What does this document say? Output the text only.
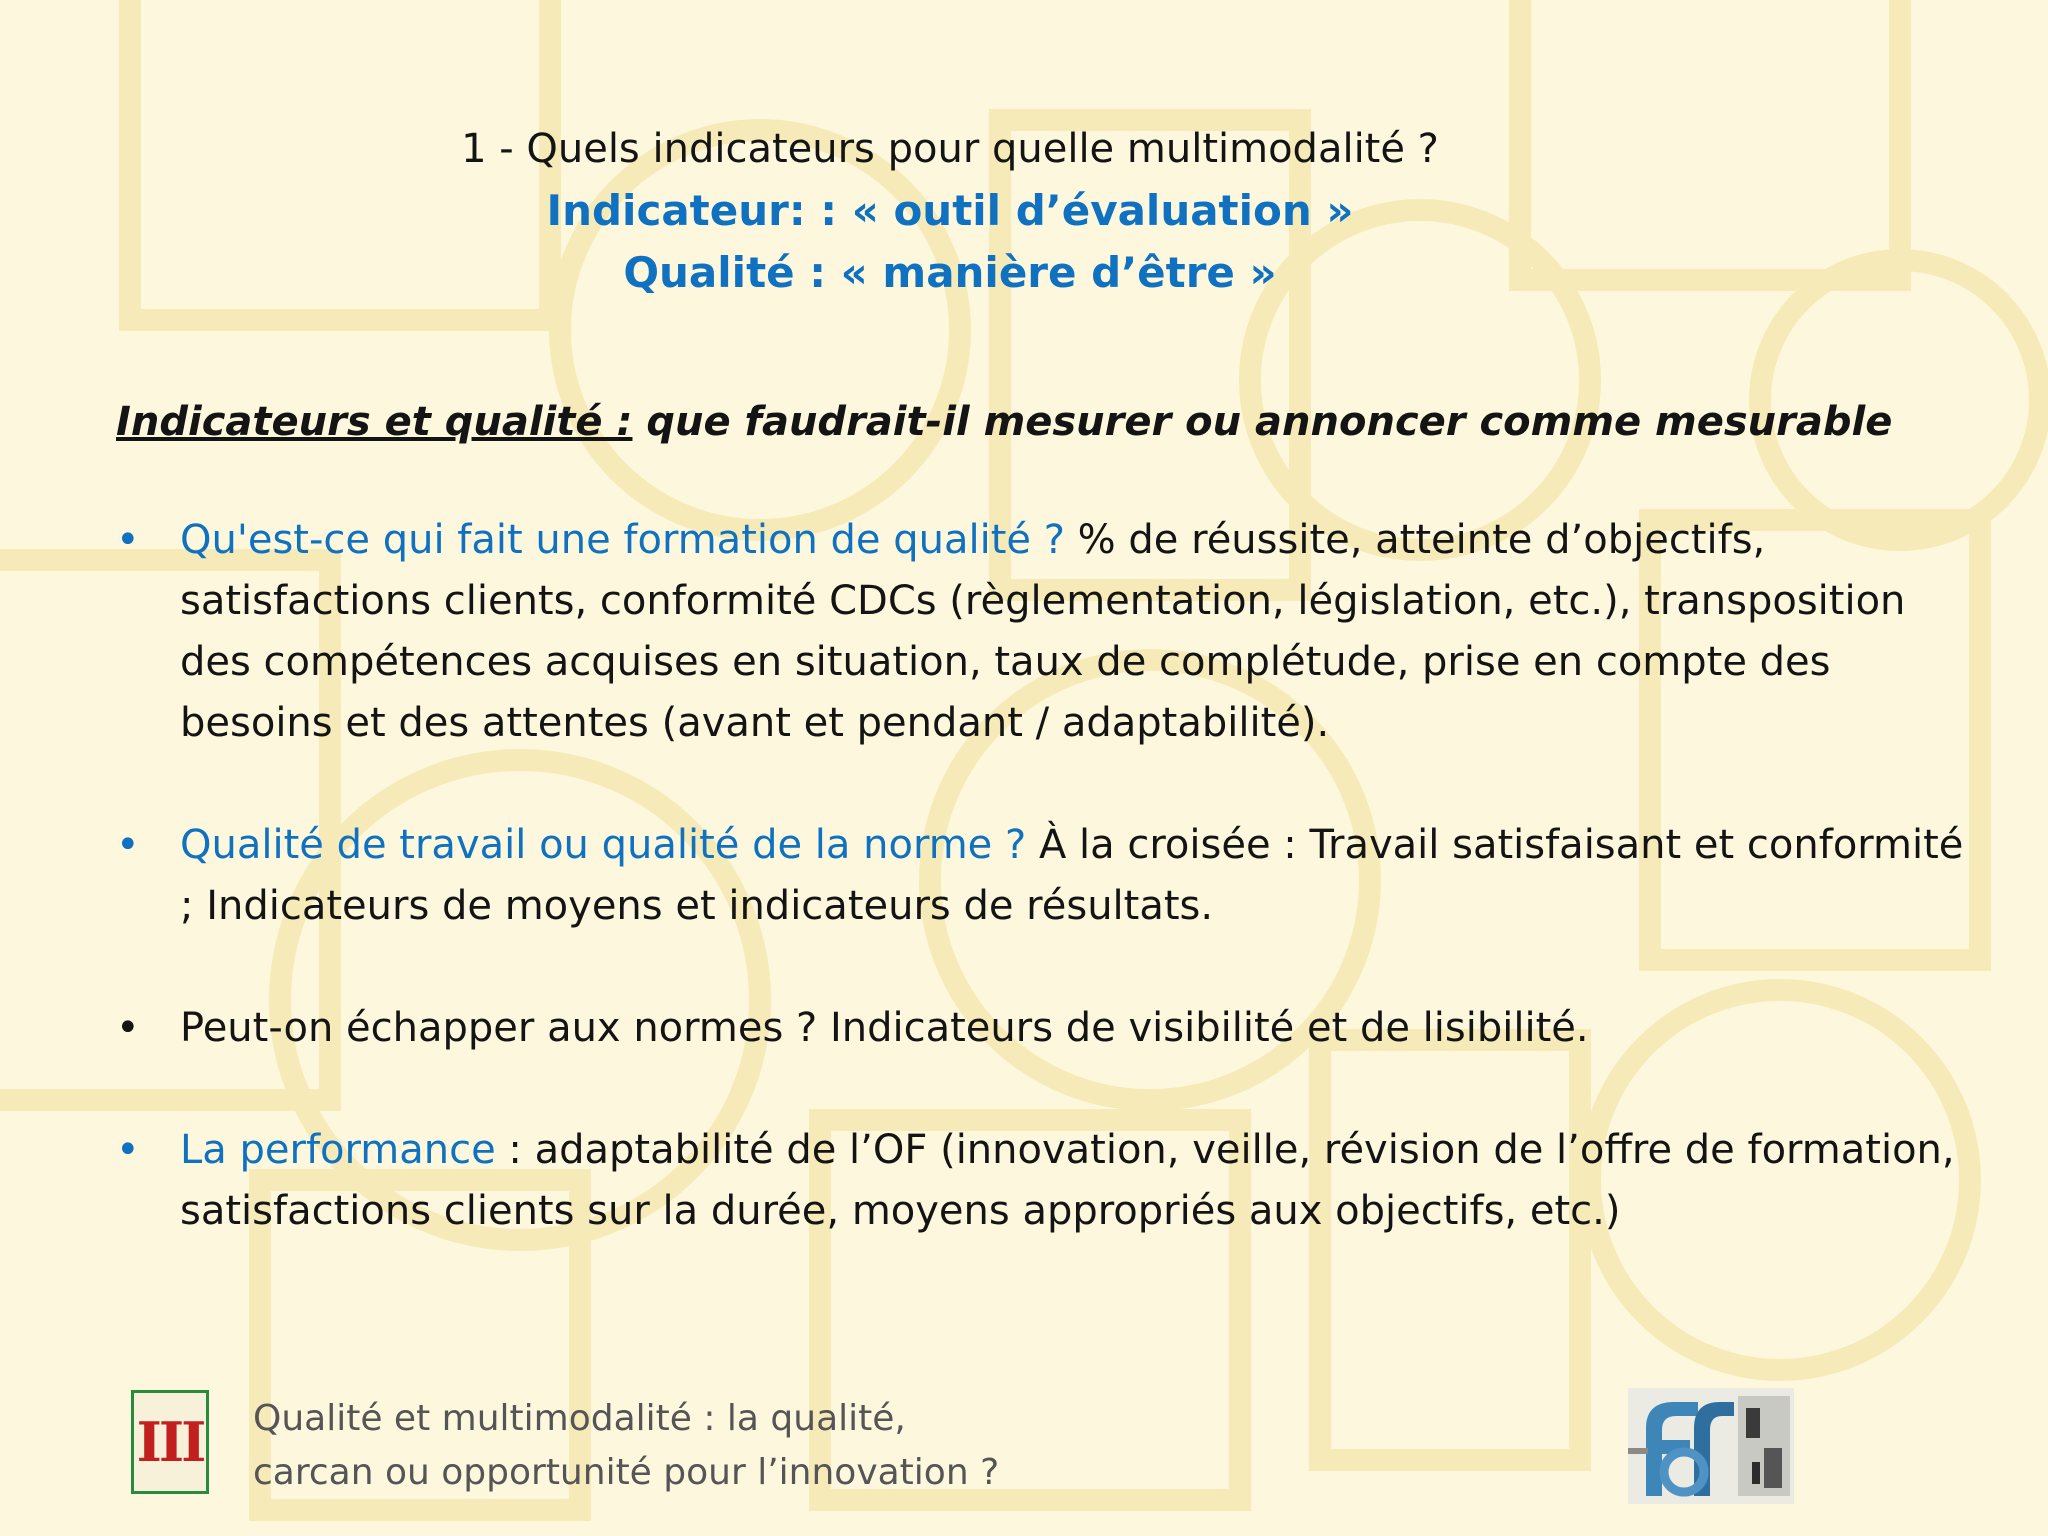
1 - Quels indicateurs pour quelle multimodalité ?
Indicateur: : « outil d’évaluation »
Qualité : « manière d’être »
Indicateurs et qualité : que faudrait-il mesurer ou annoncer comme mesurable
• Qu'est-ce qui fait une formation de qualité ? % de réussite, atteinte d’objectifs, satisfactions clients, conformité CDCs (règlementation, législation, etc.), transposition des compétences acquises en situation, taux de complétude, prise en compte des besoins et des attentes (avant et pendant / adaptabilité).
• Qualité de travail ou qualité de la norme ? À la croisée : Travail satisfaisant et conformité ; Indicateurs de moyens et indicateurs de résultats.
• Peut-on échapper aux normes ? Indicateurs de visibilité et de lisibilité.
• La performance : adaptabilité de l’OF (innovation, veille, révision de l’offre de formation, satisfactions clients sur la durée, moyens appropriés aux objectifs, etc.)
III Qualité et multimodalité : la qualité,
carcan ou opportunité pour l’innovation ?
